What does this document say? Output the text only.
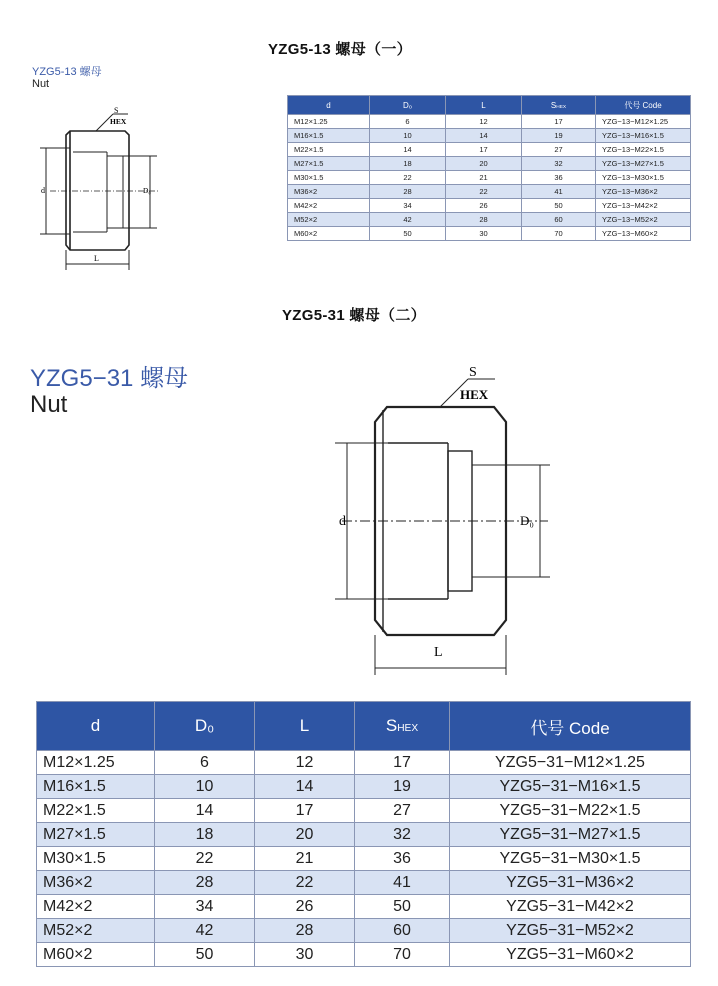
YZG5-13 螺母（一）
YZG5-13 螺母
Nut
S
HEX
d	D₀
L
d	D₀	L	SHEX	代号 Code
M12×1.25	6	12	17	YZG−13−M12×1.25
M16×1.5	10	14	19	YZG−13−M16×1.5
M22×1.5	14	17	27	YZG−13−M22×1.5
M27×1.5	18	20	32	YZG−13−M27×1.5
M30×1.5	22	21	36	YZG−13−M30×1.5
M36×2	28	22	41	YZG−13−M36×2
M42×2	34	26	50	YZG−13−M42×2
M52×2	42	28	60	YZG−13−M52×2
M60×2	50	30	70	YZG−13−M60×2
YZG5-31 螺母（二）
YZG5−31 螺母
Nut
S
HEX
d	D₀
L
d	D₀	L	SHEX	代号 Code
M12×1.25	6	12	17	YZG5−31−M12×1.25
M16×1.5	10	14	19	YZG5−31−M16×1.5
M22×1.5	14	17	27	YZG5−31−M22×1.5
M27×1.5	18	20	32	YZG5−31−M27×1.5
M30×1.5	22	21	36	YZG5−31−M30×1.5
M36×2	28	22	41	YZG5−31−M36×2
M42×2	34	26	50	YZG5−31−M42×2
M52×2	42	28	60	YZG5−31−M52×2
M60×2	50	30	70	YZG5−31−M60×2
